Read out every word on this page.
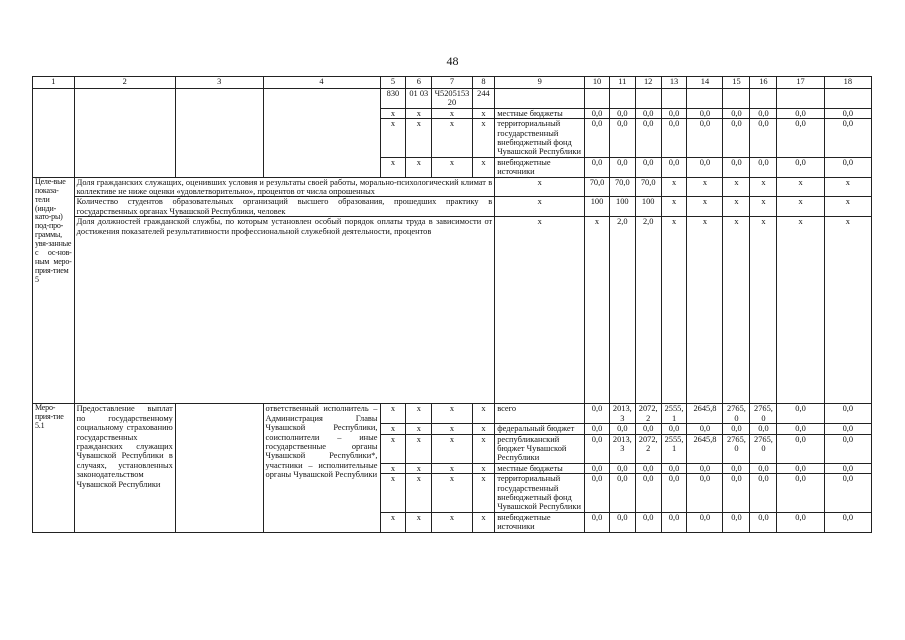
48
1	2	3	4	5	6	7	8	9	10	11	12	13	14	15	16	17	18
				830	01 03	Ч520515320	244										
				x	x	x	x	местные бюджеты	0,0	0,0	0,0	0,0	0,0	0,0	0,0	0,0	0,0
				x	x	x	x	территориальный государственный внебюджетный фонд Чувашской Республики	0,0	0,0	0,0	0,0	0,0	0,0	0,0	0,0	0,0
				x	x	x	x	внебюджетные источники	0,0	0,0	0,0	0,0	0,0	0,0	0,0	0,0	0,0
Целе-вые показа-тели (инди-като-ры) под-про-граммы, увя-занные с ос-нов-ным меро-прия-тием 5	Доля гражданских служащих, оценивших условия и результаты своей работы, морально-психологический климат в коллективе не ниже оценки «удовлетворительно», процентов от числа опрошенных							x	70,0	70,0	70,0	x	x	x	x	x	x
	Количество студентов образовательных организаций высшего образования, прошедших практику в государственных органах Чувашской Республики, человек							x	100	100	100	x	x	x	x	x	x
	Доля должностей гражданской службы, по которым установлен особый порядок оплаты труда в зависимости от достижения показателей результативности профессиональной служебной деятельности, процентов							x	x	2,0	2,0	x	x	x	x	x	x
Меро-прия-тие 5.1	Предоставление выплат по государственному социальному страхованию государственных гражданских служащих Чувашской Республики в случаях, установленных законодательством Чувашской Республики		ответственный исполнитель – Администрация Главы Чувашской Республики, соисполнители – иные государственные органы Чувашской Республики*, участники – исполнительные органы Чувашской Республики	x	x	x	x	всего	0,0	2013,3	2072,2	2555,1	2645,8	2765,0	2765,0	0,0	0,0
				x	x	x	x	федеральный бюджет	0,0	0,0	0,0	0,0	0,0	0,0	0,0	0,0	0,0
				x	x	x	x	республиканский бюджет Чувашской Республики	0,0	2013,3	2072,2	2555,1	2645,8	2765,0	2765,0	0,0	0,0
				x	x	x	x	местные бюджеты	0,0	0,0	0,0	0,0	0,0	0,0	0,0	0,0	0,0
				x	x	x	x	территориальный государственный внебюджетный фонд Чувашской Республики	0,0	0,0	0,0	0,0	0,0	0,0	0,0	0,0	0,0
				x	x	x	x	внебюджетные источники	0,0	0,0	0,0	0,0	0,0	0,0	0,0	0,0	0,0
